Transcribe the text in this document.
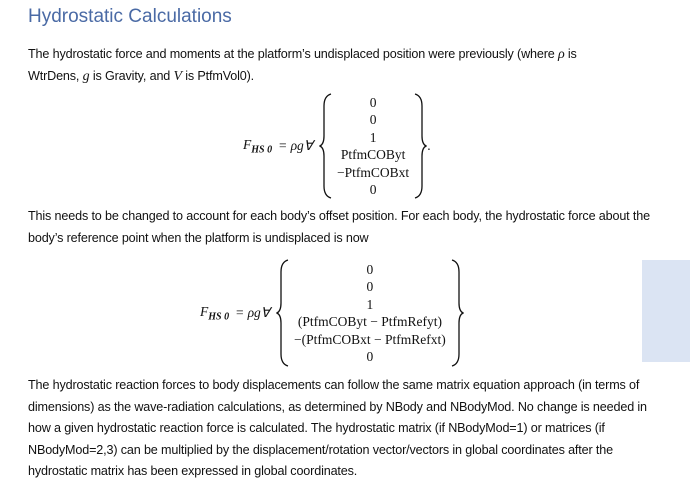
Hydrostatic Calculations
The hydrostatic force and moments at the platform’s undisplaced position were previously (where ρ is
WtrDens, g is Gravity, and V is PtfmVol0).
$F_{HS 0}$ = ρg∀
0
0
1
PtfmCOByt
−PtfmCOBxt
0
.
This needs to be changed to account for each body’s offset position. For each body, the hydrostatic force about the body’s reference point when the platform is undisplaced is now
$F_{HS 0}$ = ρg∀
0
0
1
(PtfmCOByt − PtfmRefyt)
−(PtfmCOBxt − PtfmRefxt)
0
The hydrostatic reaction forces to body displacements can follow the same matrix equation approach (in terms of dimensions) as the wave-radiation calculations, as determined by NBody and NBodyMod. No change is needed in how a given hydrostatic reaction force is calculated. The hydrostatic matrix (if NBodyMod=1) or matrices (if NBodyMod=2,3) can be multiplied by the displacement/rotation vector/vectors in global coordinates after the hydrostatic matrix has been expressed in global coordinates.
